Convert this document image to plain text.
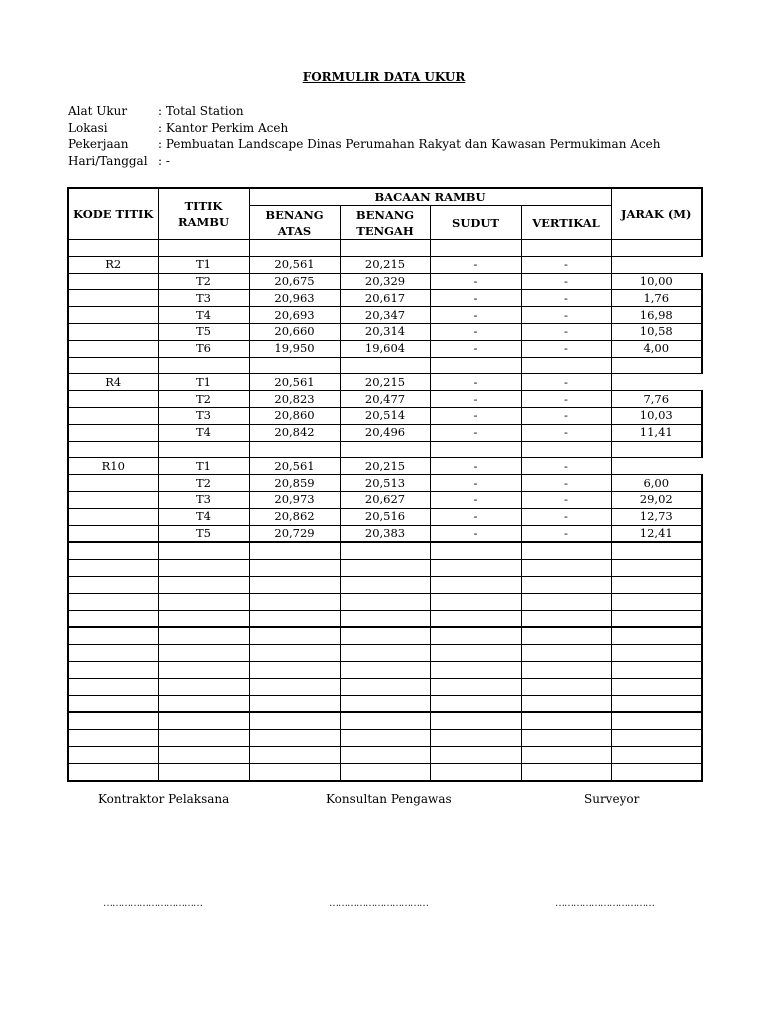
FORMULIR DATA UKUR
Alat Ukur	: Total Station
Lokasi	: Kantor Perkim Aceh
Pekerjaan : Pembuatan Landscape Dinas Perumahan Rakyat dan Kawasan Permukiman Aceh
Hari/Tanggal : -
KODE TITIK	TITIK RAMBU	BACAAN RAMBU				JARAK (M)
		BENANG ATAS	BENANG TENGAH	SUDUT	VERTIKAL	

R2	T1	20,561	20,215	-	-	
	T2	20,675	20,329	-	-	10,00
	T3	20,963	20,617	-	-	1,76
	T4	20,693	20,347	-	-	16,98
	T5	20,660	20,314	-	-	10,58
	T6	19,950	19,604	-	-	4,00

R4	T1	20,561	20,215	-	-	
	T2	20,823	20,477	-	-	7,76
	T3	20,860	20,514	-	-	10,03
	T4	20,842	20,496	-	-	11,41

R10	T1	20,561	20,215	-	-	
	T2	20,859	20,513	-	-	6,00
	T3	20,973	20,627	-	-	29,02
	T4	20,862	20,516	-	-	12,73
	T5	20,729	20,383	-	-	12,41

Kontraktor Pelaksana	Konsultan Pengawas	Surveyor
……………………………	……………………………	……………………………
